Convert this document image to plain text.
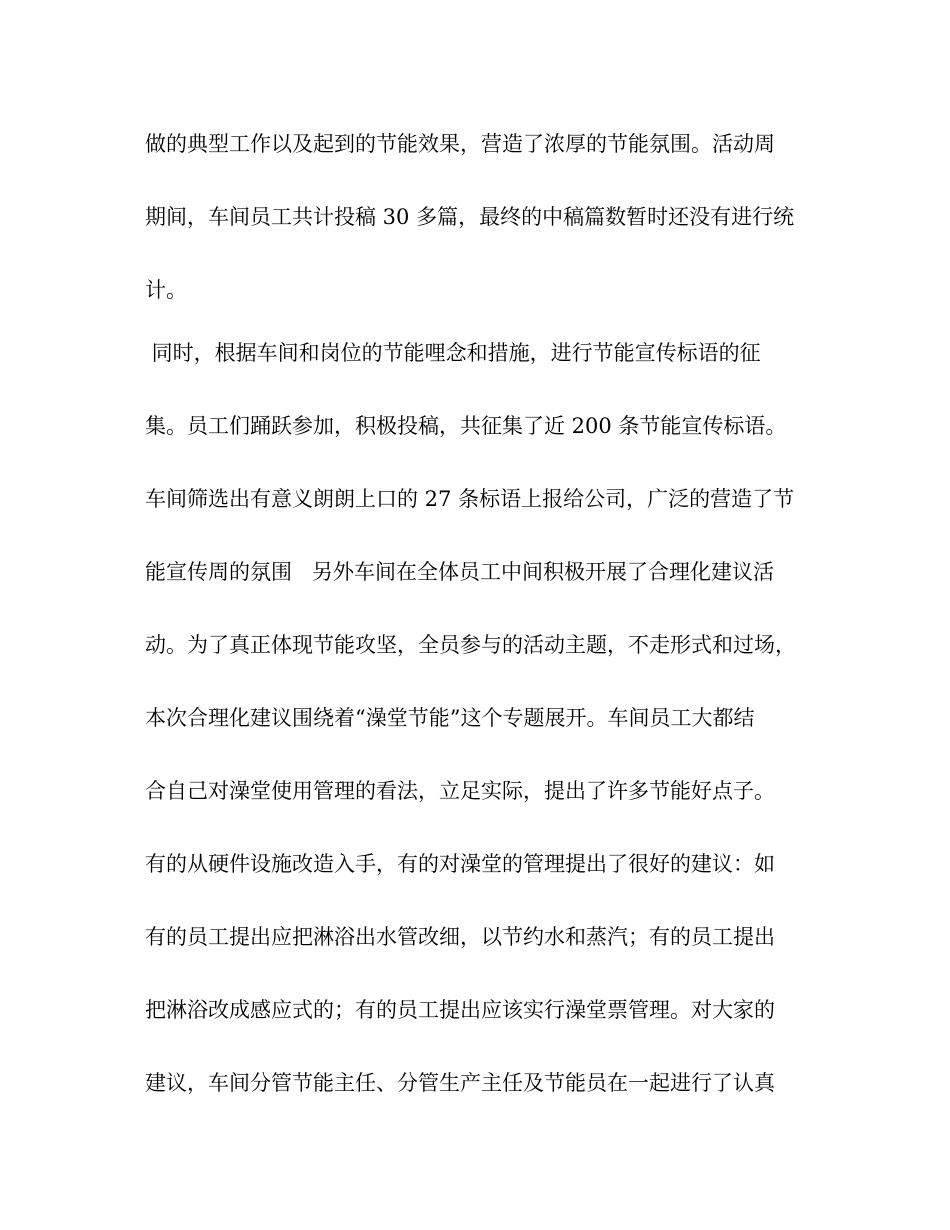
做的典型工作以及起到的节能效果，营造了浓厚的节能氛围。活动周
期间，车间员工共计投稿 30 多篇，最终的中稿篇数暂时还没有进行统
计。
同时，根据车间和岗位的节能哩念和措施，进行节能宣传标语的征
集。员工们踊跃参加，积极投稿，共征集了近 200 条节能宣传标语。
车间筛选出有意义朗朗上口的 27 条标语上报给公司，广泛的营造了节
能宣传周的氛围   另外车间在全体员工中间积极开展了合理化建议活
动。为了真正体现节能攻坚，全员参与的活动主题，不走形式和过场，
本次合理化建议围绕着“澡堂节能”这个专题展开。车间员工大都结
合自己对澡堂使用管理的看法，立足实际，提出了许多节能好点子。
有的从硬件设施改造入手，有的对澡堂的管理提出了很好的建议：如
有的员工提出应把淋浴出水管改细，以节约水和蒸汽；有的员工提出
把淋浴改成感应式的；有的员工提出应该实行澡堂票管理。对大家的
建议，车间分管节能主任、分管生产主任及节能员在一起进行了认真
